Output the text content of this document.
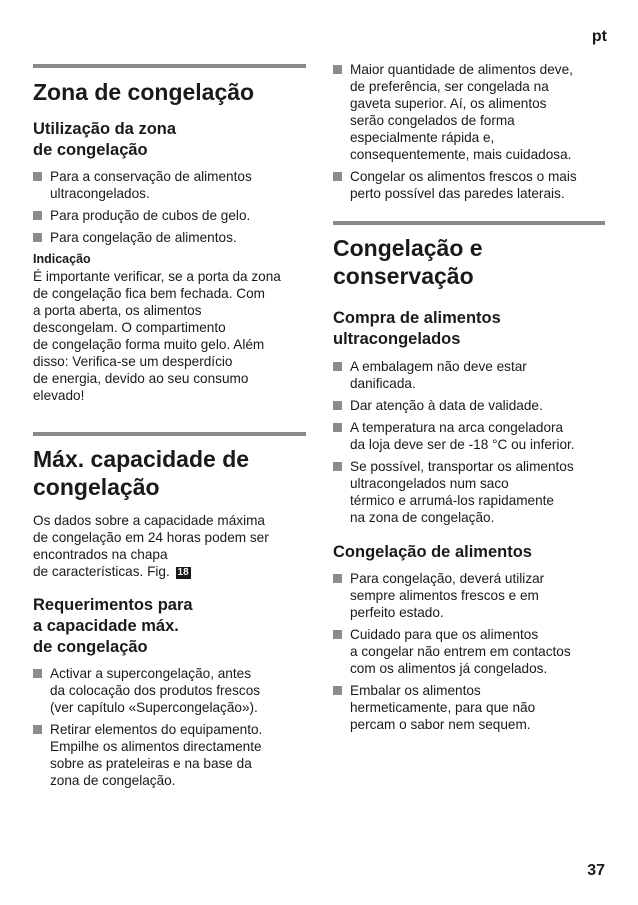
pt
Zona de congelação
Utilização da zona
de congelação
Para a conservação de alimentos
ultracongelados.
Para produção de cubos de gelo.
Para congelação de alimentos.
Indicação
É importante verificar, se a porta da zona
de congelação fica bem fechada. Com
a porta aberta, os alimentos
descongelam. O compartimento
de congelação forma muito gelo. Além
disso: Verifica-se um desperdício
de energia, devido ao seu consumo
elevado!
Máx. capacidade de
congelação
Os dados sobre a capacidade máxima
de congelação em 24 horas podem ser
encontrados na chapa
de características. Fig. 18
Requerimentos para
a capacidade máx.
de congelação
Activar a supercongelação, antes
da colocação dos produtos frescos
(ver capítulo «Supercongelação»).
Retirar elementos do equipamento.
Empilhe os alimentos directamente
sobre as prateleiras e na base da
zona de congelação.
Maior quantidade de alimentos deve,
de preferência, ser congelada na
gaveta superior. Aí, os alimentos
serão congelados de forma
especialmente rápida e,
consequentemente, mais cuidadosa.
Congelar os alimentos frescos o mais
perto possível das paredes laterais.
Congelação e
conservação
Compra de alimentos
ultracongelados
A embalagem não deve estar
danificada.
Dar atenção à data de validade.
A temperatura na arca congeladora
da loja deve ser de -18 °C ou inferior.
Se possível, transportar os alimentos
ultracongelados num saco
térmico e arrumá-los rapidamente
na zona de congelação.
Congelação de alimentos
Para congelação, deverá utilizar
sempre alimentos frescos e em
perfeito estado.
Cuidado para que os alimentos
a congelar não entrem em contactos
com os alimentos já congelados.
Embalar os alimentos
hermeticamente, para que não
percam o sabor nem sequem.
37
